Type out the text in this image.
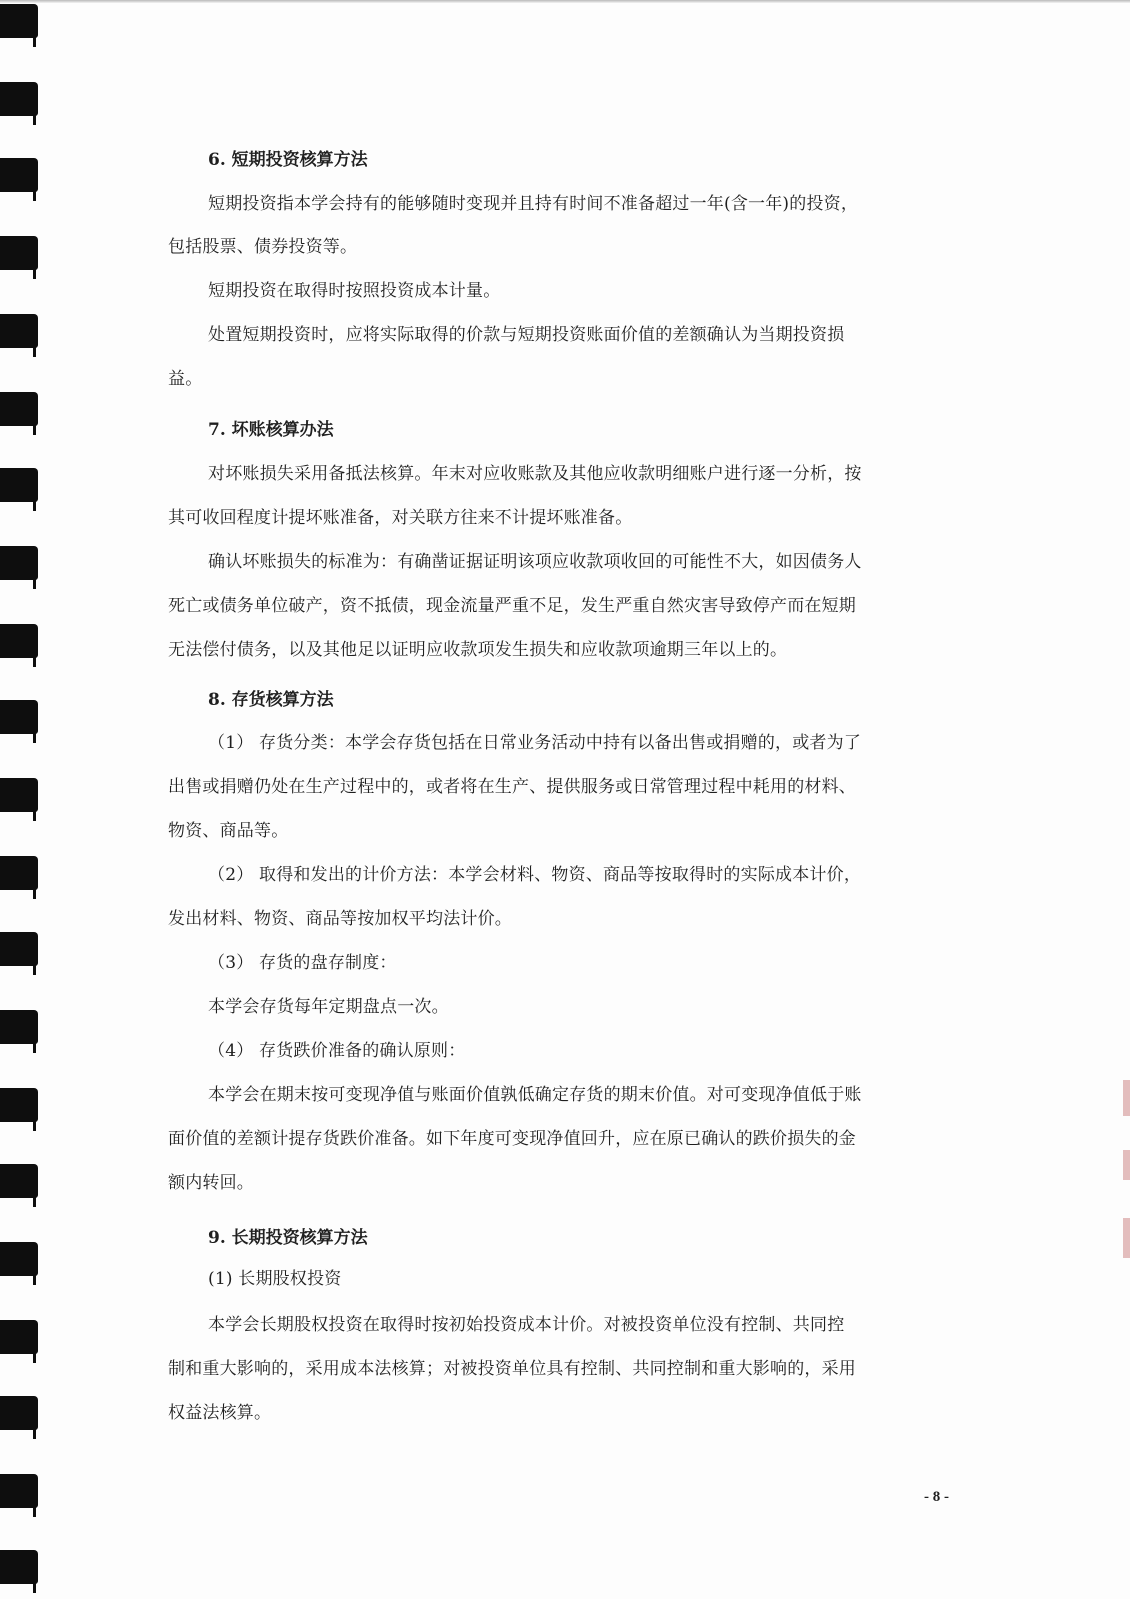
6. 短期投资核算方法
短期投资指本学会持有的能够随时变现并且持有时间不准备超过一年(含一年)的投资，
包括股票、债券投资等。
短期投资在取得时按照投资成本计量。
处置短期投资时，应将实际取得的价款与短期投资账面价值的差额确认为当期投资损
益。
7. 坏账核算办法
对坏账损失采用备抵法核算。年末对应收账款及其他应收款明细账户进行逐一分析，按
其可收回程度计提坏账准备，对关联方往来不计提坏账准备。
确认坏账损失的标准为：有确凿证据证明该项应收款项收回的可能性不大，如因债务人
死亡或债务单位破产，资不抵债，现金流量严重不足，发生严重自然灾害导致停产而在短期
无法偿付债务，以及其他足以证明应收款项发生损失和应收款项逾期三年以上的。
8. 存货核算方法
（1） 存货分类：本学会存货包括在日常业务活动中持有以备出售或捐赠的，或者为了
出售或捐赠仍处在生产过程中的，或者将在生产、提供服务或日常管理过程中耗用的材料、
物资、商品等。
（2） 取得和发出的计价方法：本学会材料、物资、商品等按取得时的实际成本计价，
发出材料、物资、商品等按加权平均法计价。
（3） 存货的盘存制度：
本学会存货每年定期盘点一次。
（4） 存货跌价准备的确认原则：
本学会在期末按可变现净值与账面价值孰低确定存货的期末价值。对可变现净值低于账
面价值的差额计提存货跌价准备。如下年度可变现净值回升，应在原已确认的跌价损失的金
额内转回。
9. 长期投资核算方法
(1) 长期股权投资
本学会长期股权投资在取得时按初始投资成本计价。对被投资单位没有控制、共同控
制和重大影响的，采用成本法核算；对被投资单位具有控制、共同控制和重大影响的，采用
权益法核算。
- 8 -
